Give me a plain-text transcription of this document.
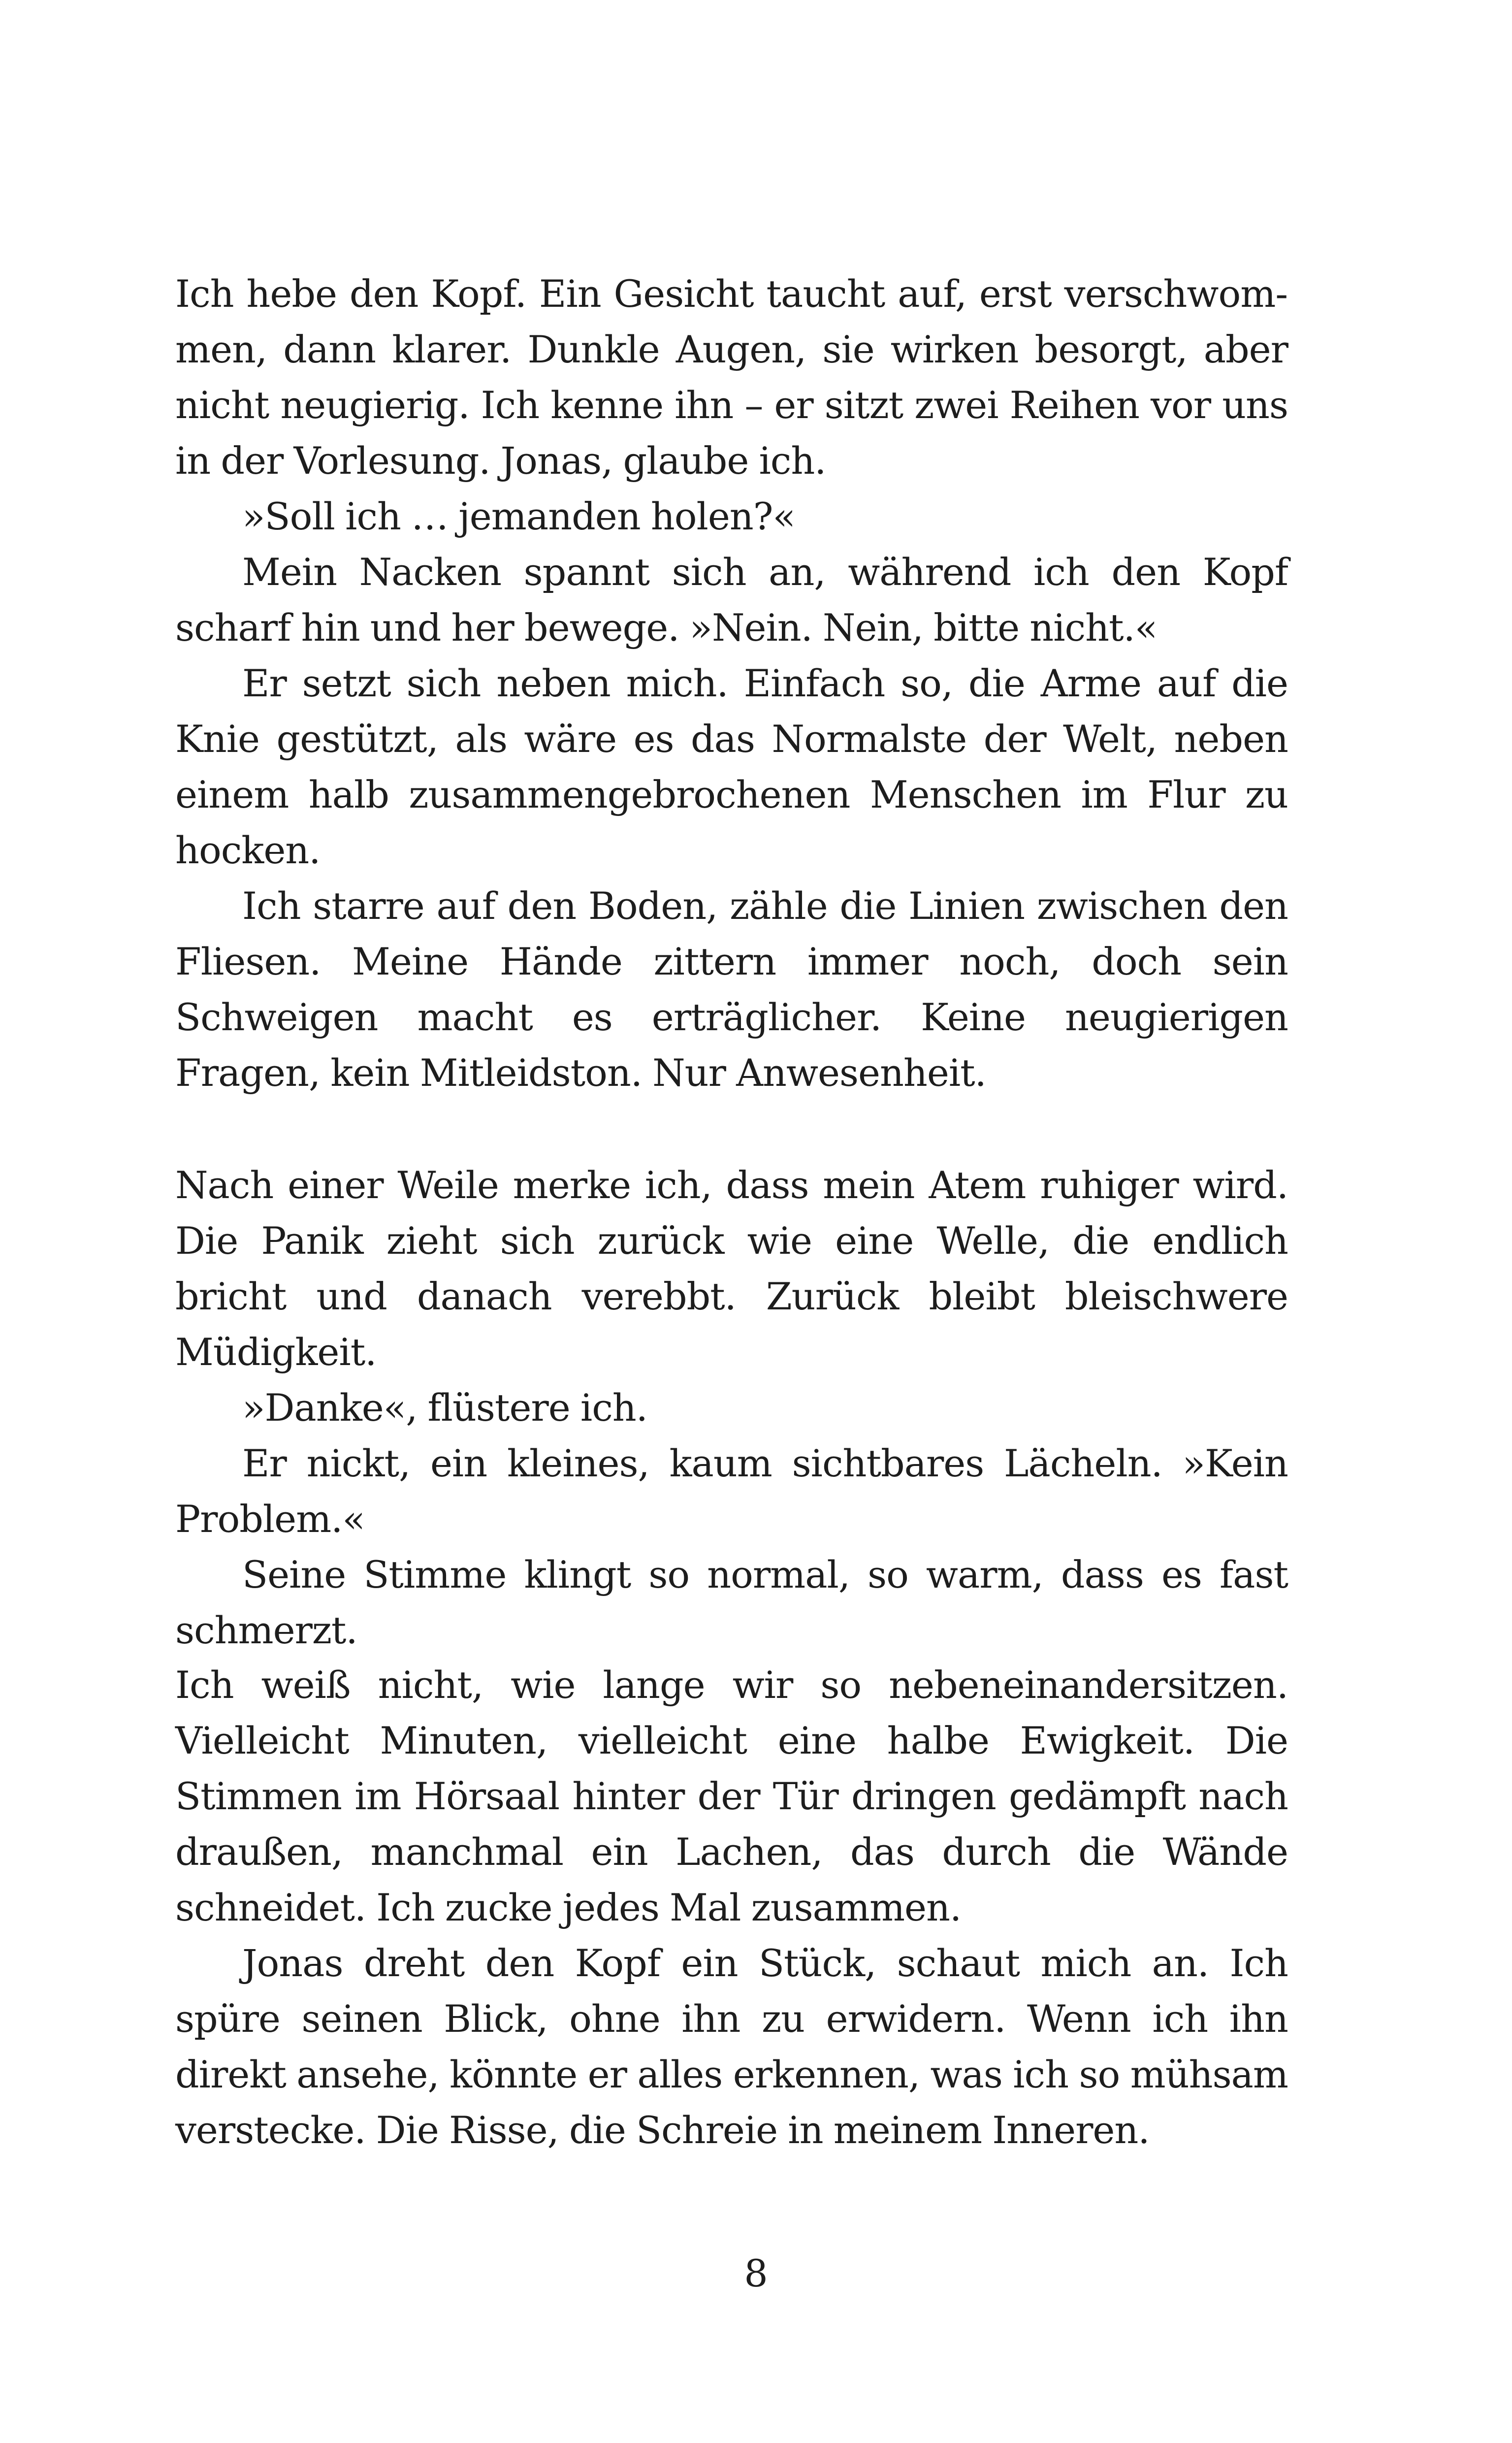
Ich hebe den Kopf. Ein Gesicht taucht auf, erst verschwommen, dann klarer. Dunkle Augen, sie wirken besorgt, aber nicht neugierig. Ich kenne ihn – er sitzt zwei Reihen vor uns in der Vorlesung. Jonas, glaube ich.

»Soll ich … jemanden holen?«

Mein Nacken spannt sich an, während ich den Kopf scharf hin und her bewege. »Nein. Nein, bitte nicht.«

Er setzt sich neben mich. Einfach so, die Arme auf die Knie gestützt, als wäre es das Normalste der Welt, neben einem halb zusammengebrochenen Menschen im Flur zu hocken.

Ich starre auf den Boden, zähle die Linien zwischen den Fliesen. Meine Hände zittern immer noch, doch sein Schweigen macht es erträglicher. Keine neugierigen Fragen, kein Mitleidston. Nur Anwesenheit.

Nach einer Weile merke ich, dass mein Atem ruhiger wird. Die Panik zieht sich zurück wie eine Welle, die endlich bricht und danach verebbt. Zurück bleibt bleischwere Müdigkeit.

»Danke«, flüstere ich.

Er nickt, ein kleines, kaum sichtbares Lächeln. »Kein Problem.«

Seine Stimme klingt so normal, so warm, dass es fast schmerzt.

Ich weiß nicht, wie lange wir so nebeneinandersitzen. Vielleicht Minuten, vielleicht eine halbe Ewigkeit. Die Stimmen im Hörsaal hinter der Tür dringen gedämpft nach draußen, manchmal ein Lachen, das durch die Wände schneidet. Ich zucke jedes Mal zusammen.

Jonas dreht den Kopf ein Stück, schaut mich an. Ich spüre seinen Blick, ohne ihn zu erwidern. Wenn ich ihn direkt ansehe, könnte er alles erkennen, was ich so mühsam verstecke. Die Risse, die Schreie in meinem Inneren.

8
